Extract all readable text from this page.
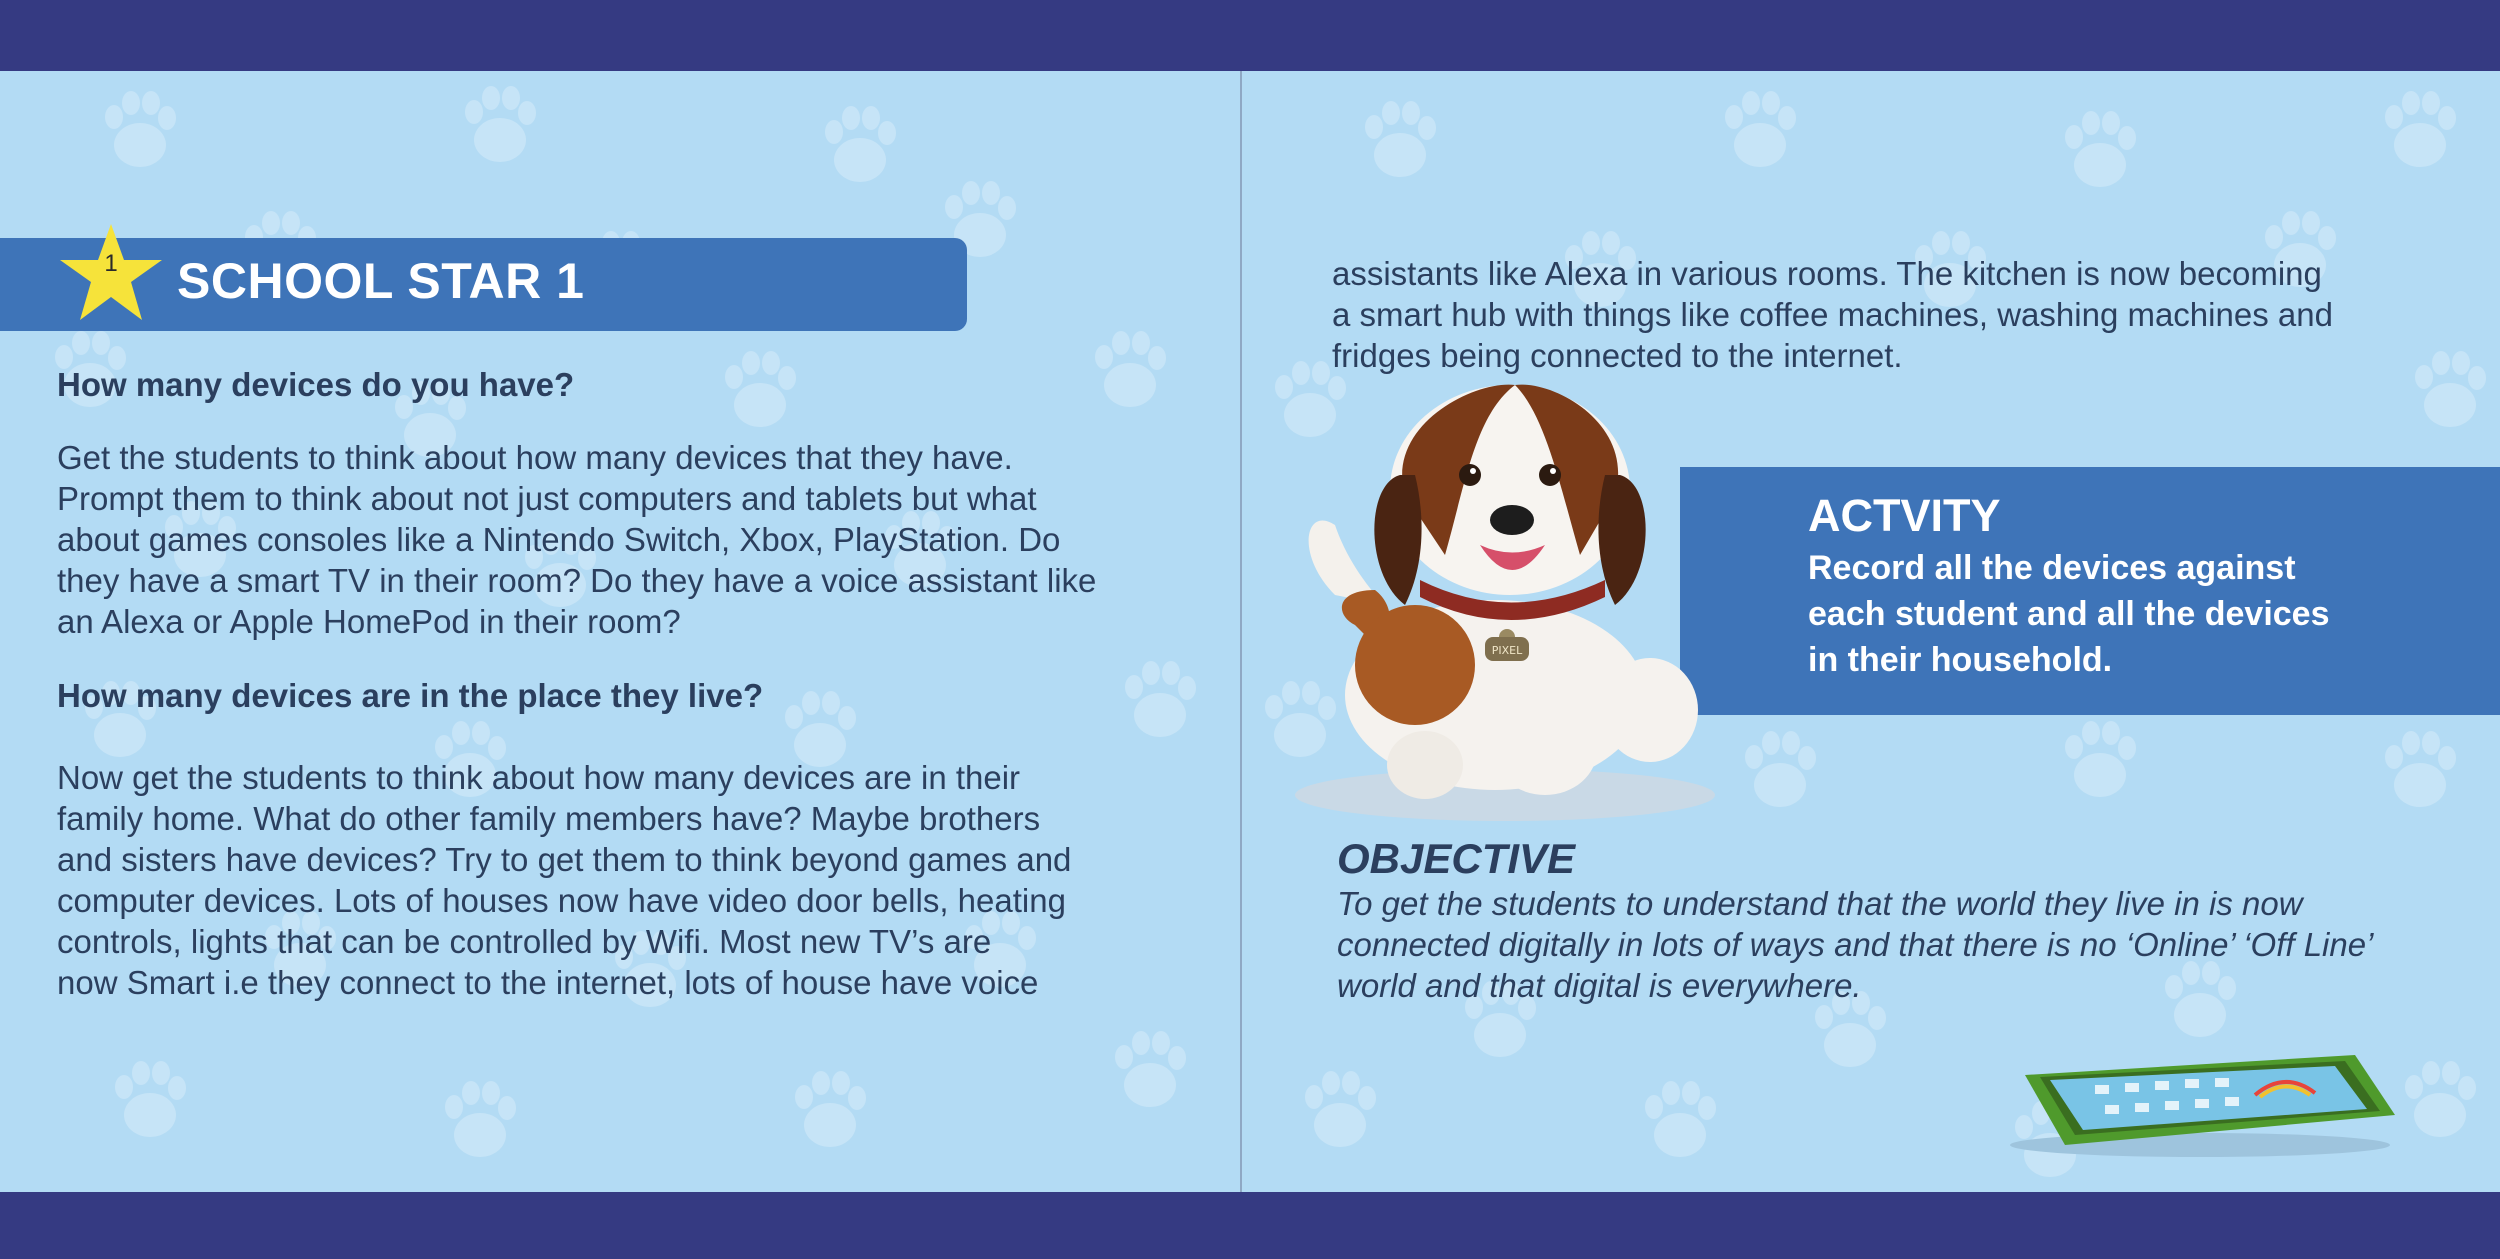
1	SCHOOL STAR 1
How many devices do you have?
Get the students to think about how many devices that they have.
Prompt them to think about not just computers and tablets but what
about games consoles like a Nintendo Switch, Xbox, PlayStation. Do
they have a smart TV in their room? Do they have a voice assistant like
an Alexa or Apple HomePod in their room?
How many devices are in the place they live?
Now get the students to think about how many devices are in their
family home. What do other family members have? Maybe brothers
and sisters have devices? Try to get them to think beyond games and
computer devices. Lots of houses now have video door bells, heating
controls, lights that can be controlled by Wifi. Most new TV’s are
now Smart i.e they connect to the internet, lots of house have voice
assistants like Alexa in various rooms. The kitchen is now becoming
a smart hub with things like coffee machines, washing machines and
fridges being connected to the internet.
ACTVITY
Record all the devices against
each student and all the devices
in their household.
PIXEL
OBJECTIVE
To get the students to understand that the world they live in is now
connected digitally in lots of ways and that there is no ‘Online’ ‘Off Line’
world and that digital is everywhere.
